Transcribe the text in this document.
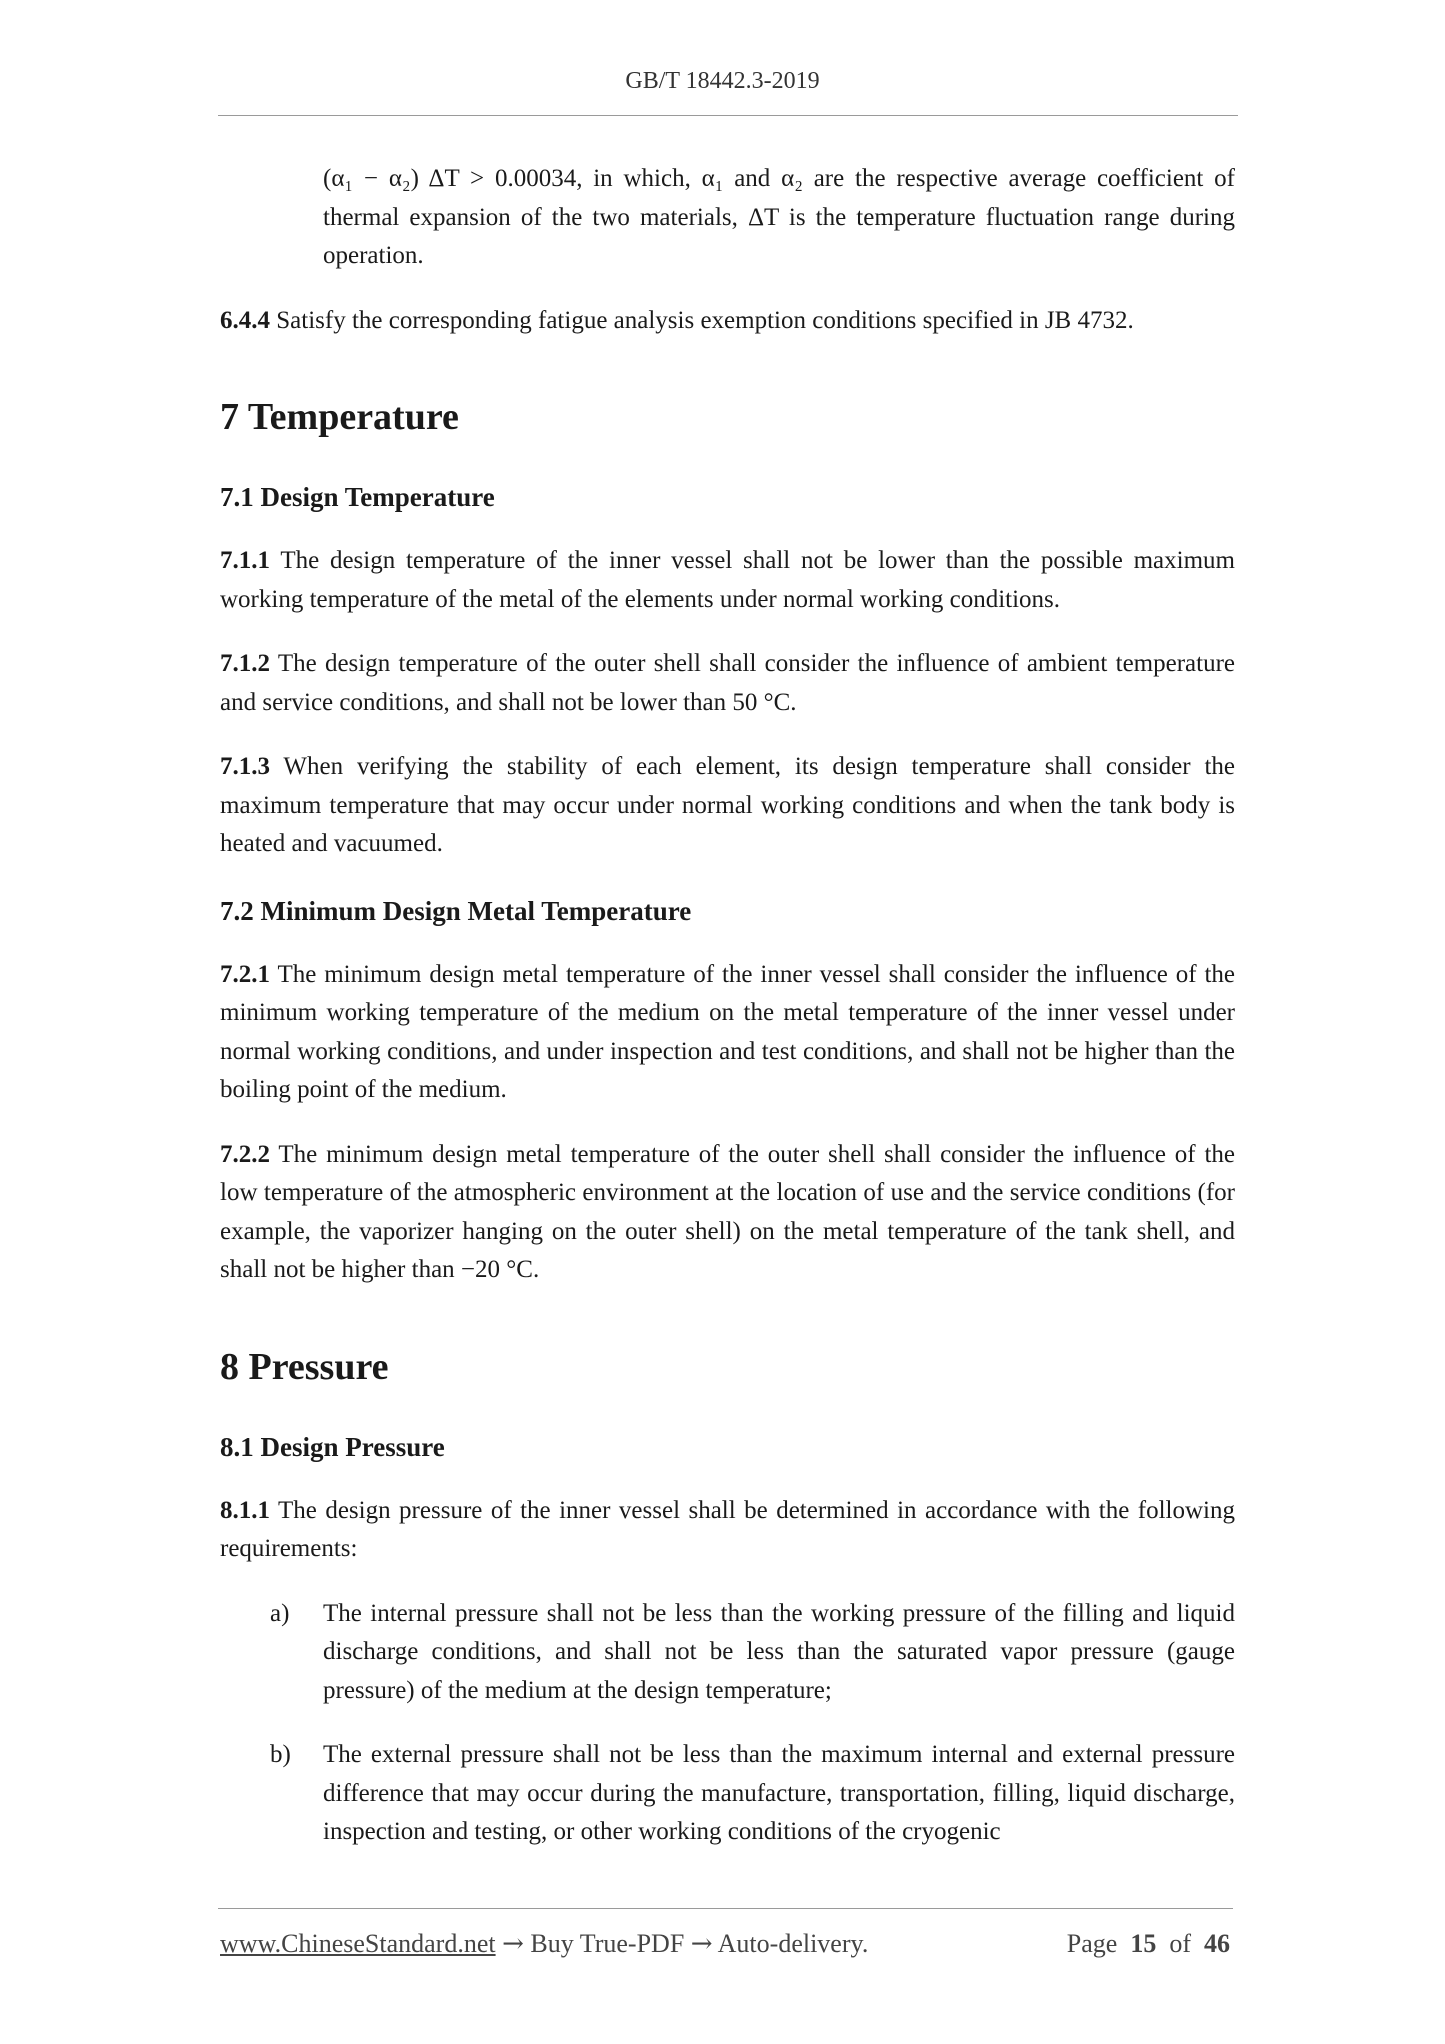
GB/T 18442.3-2019

(α₁ − α₂) ΔT > 0.00034, in which, α₁ and α₂ are the respective average coefficient of thermal expansion of the two materials, ΔT is the temperature fluctuation range during operation.

6.4.4 Satisfy the corresponding fatigue analysis exemption conditions specified in JB 4732.

7 Temperature
7.1 Design Temperature

7.1.1 The design temperature of the inner vessel shall not be lower than the possible maximum working temperature of the metal of the elements under normal working conditions.

7.1.2 The design temperature of the outer shell shall consider the influence of ambient temperature and service conditions, and shall not be lower than 50 °C.

7.1.3 When verifying the stability of each element, its design temperature shall consider the maximum temperature that may occur under normal working conditions and when the tank body is heated and vacuumed.

7.2 Minimum Design Metal Temperature

7.2.1 The minimum design metal temperature of the inner vessel shall consider the influence of the minimum working temperature of the medium on the metal temperature of the inner vessel under normal working conditions, and under inspection and test conditions, and shall not be higher than the boiling point of the medium.

7.2.2 The minimum design metal temperature of the outer shell shall consider the influence of the low temperature of the atmospheric environment at the location of use and the service conditions (for example, the vaporizer hanging on the outer shell) on the metal temperature of the tank shell, and shall not be higher than −20 °C.

8 Pressure
8.1 Design Pressure

8.1.1 The design pressure of the inner vessel shall be determined in accordance with the following requirements:

a)	The internal pressure shall not be less than the working pressure of the filling and liquid discharge conditions, and shall not be less than the saturated vapor pressure (gauge pressure) of the medium at the design temperature;
b)	The external pressure shall not be less than the maximum internal and external pressure difference that may occur during the manufacture, transportation, filling, liquid discharge, inspection and testing, or other working conditions of the cryogenic
www.ChineseStandard.net → Buy True-PDF → Auto-delivery.	Page 15 of 46
